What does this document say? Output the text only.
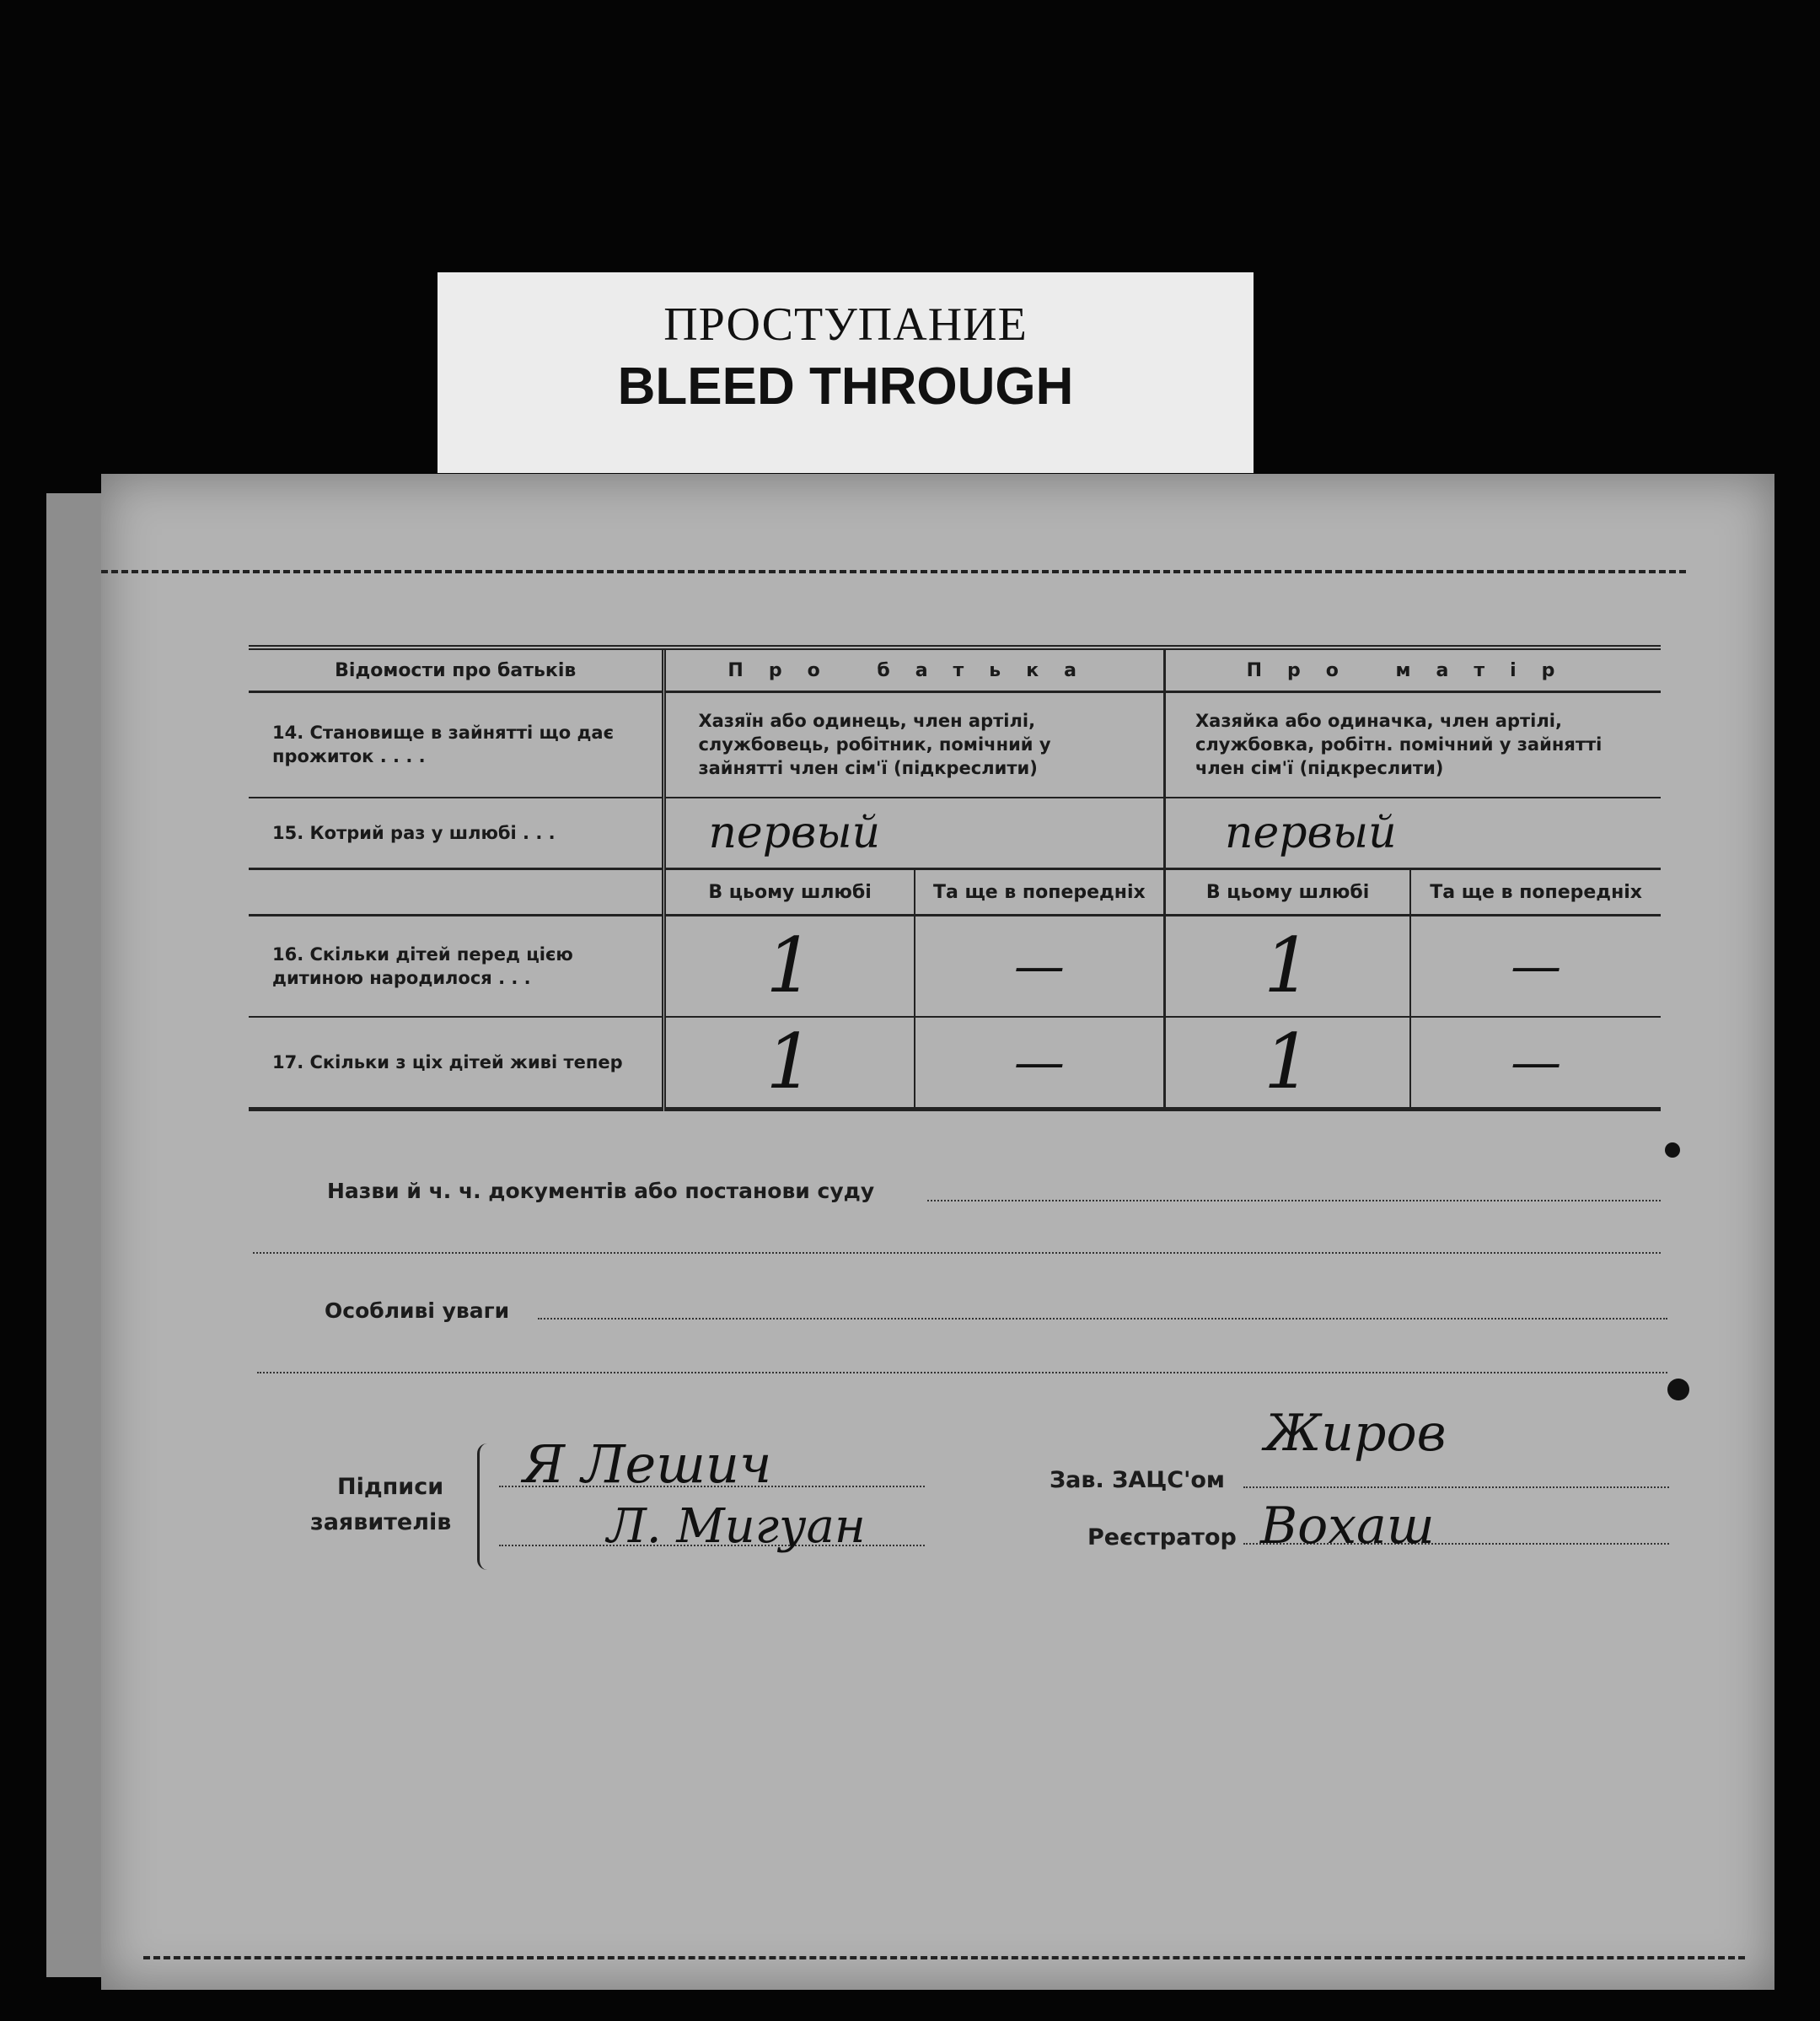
ПРОСТУПАНИЕ
BLEED THROUGH
Відомости про батьків	Про батька		Про матір	
14. Становище в зайнятті що дає прожиток . . . .	Хазяїн або одинець, член артілі, службовець, робітник, помічний у зайнятті член сім'ї (підкреслити)		Хазяйка або одиначка, член артілі, службовка, робітн. помічний у зайнятті член сім'ї (підкреслити)	
15. Котрий раз у шлюбі . . .	первый		первый	
	В цьому шлюбі	Та ще в попередніх	В цьому шлюбі	Та ще в попередніх
16. Скільки дітей перед цією дитиною народилося . . .	1	—	1	—
17. Скільки з ціх дітей живі тепер	1	—	1	—
Назви й ч. ч. документів або постанови суду
Особливі уваги
Підписи
заявителів
Я Лешич
Л. Мигуан
Зав. ЗАЦС'ом
Жиров
Реєстратор Вохаш
